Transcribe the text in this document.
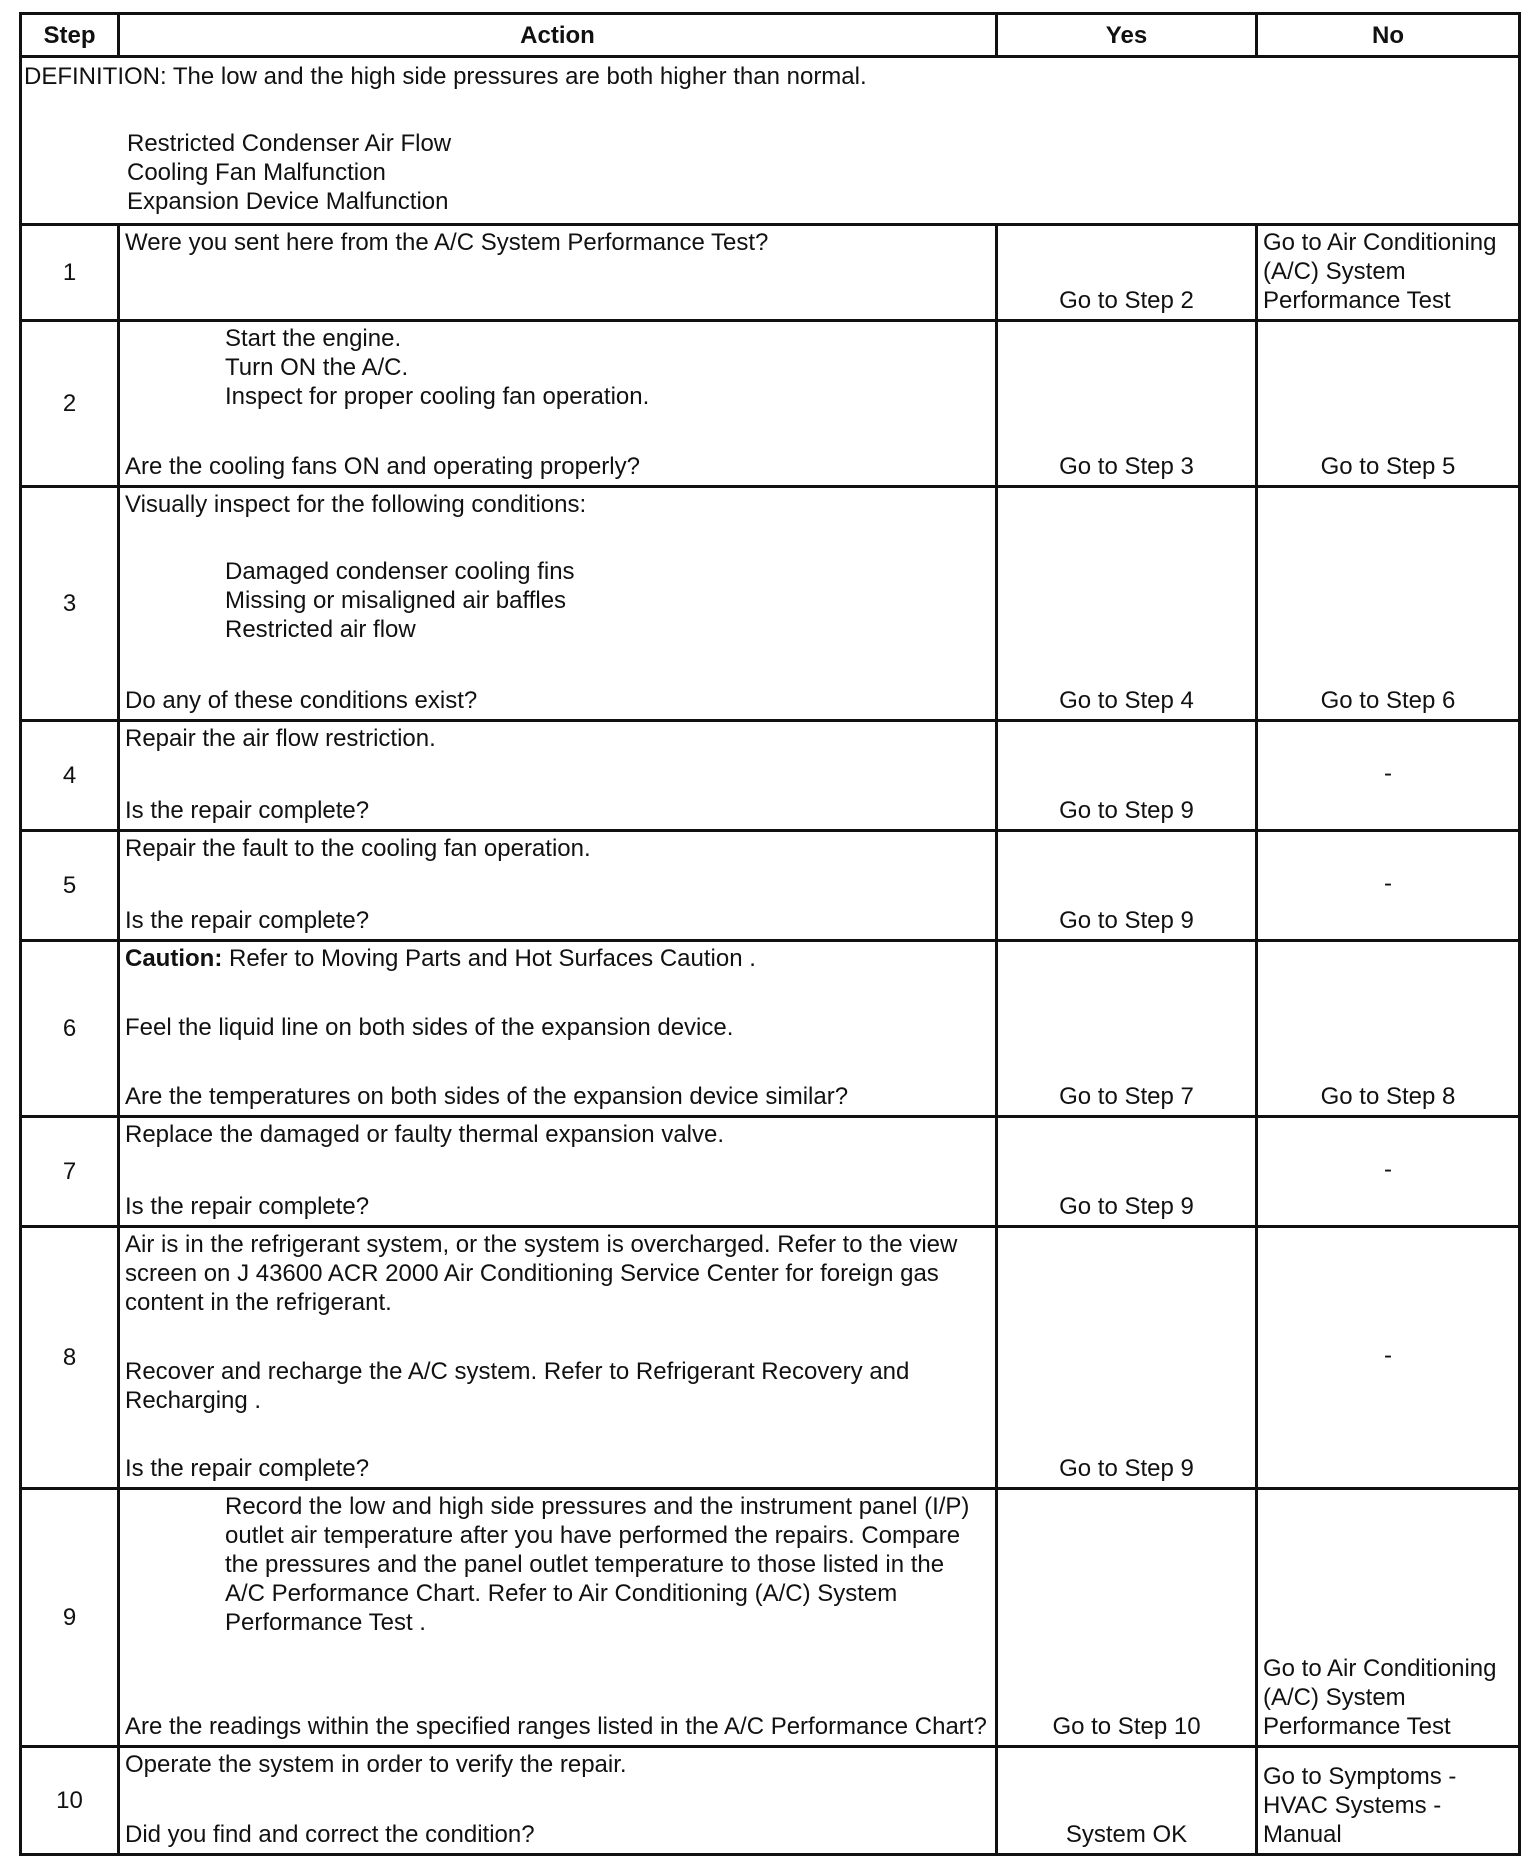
Step	Action	Yes	No

DEFINITION: The low and the high side pressures are both higher than normal.
Restricted Condenser Air Flow
Cooling Fan Malfunction
Expansion Device Malfunction			

1	Were you sent here from the A/C System Performance Test?	Go to Step 2	Go to Air Conditioning (A/C) System Performance Test
2	Start the engine.
Turn ON the A/C.
Inspect for proper cooling fan operation.
Are the cooling fans ON and operating properly?	Go to Step 3	Go to Step 5
3	Visually inspect for the following conditions:
Damaged condenser cooling fins
Missing or misaligned air baffles
Restricted air flow
Do any of these conditions exist?	Go to Step 4	Go to Step 6
4	Repair the air flow restriction.
Is the repair complete?	Go to Step 9	-
5	Repair the fault to the cooling fan operation.
Is the repair complete?	Go to Step 9	-
6	Caution: Refer to Moving Parts and Hot Surfaces Caution .
Feel the liquid line on both sides of the expansion device.
Are the temperatures on both sides of the expansion device similar?	Go to Step 7	Go to Step 8
7	Replace the damaged or faulty thermal expansion valve.
Is the repair complete?	Go to Step 9	-
8	Air is in the refrigerant system, or the system is overcharged. Refer to the view screen on J 43600 ACR 2000 Air Conditioning Service Center for foreign gas content in the refrigerant.
Recover and recharge the A/C system. Refer to Refrigerant Recovery and Recharging .
Is the repair complete?	Go to Step 9	-
9	Record the low and high side pressures and the instrument panel (I/P) outlet air temperature after you have performed the repairs. Compare the pressures and the panel outlet temperature to those listed in the A/C Performance Chart. Refer to Air Conditioning (A/C) System Performance Test .
Are the readings within the specified ranges listed in the A/C Performance Chart?	Go to Step 10	Go to Air Conditioning (A/C) System Performance Test
10	Operate the system in order to verify the repair.
Did you find and correct the condition?	System OK	Go to Symptoms - HVAC Systems - Manual
